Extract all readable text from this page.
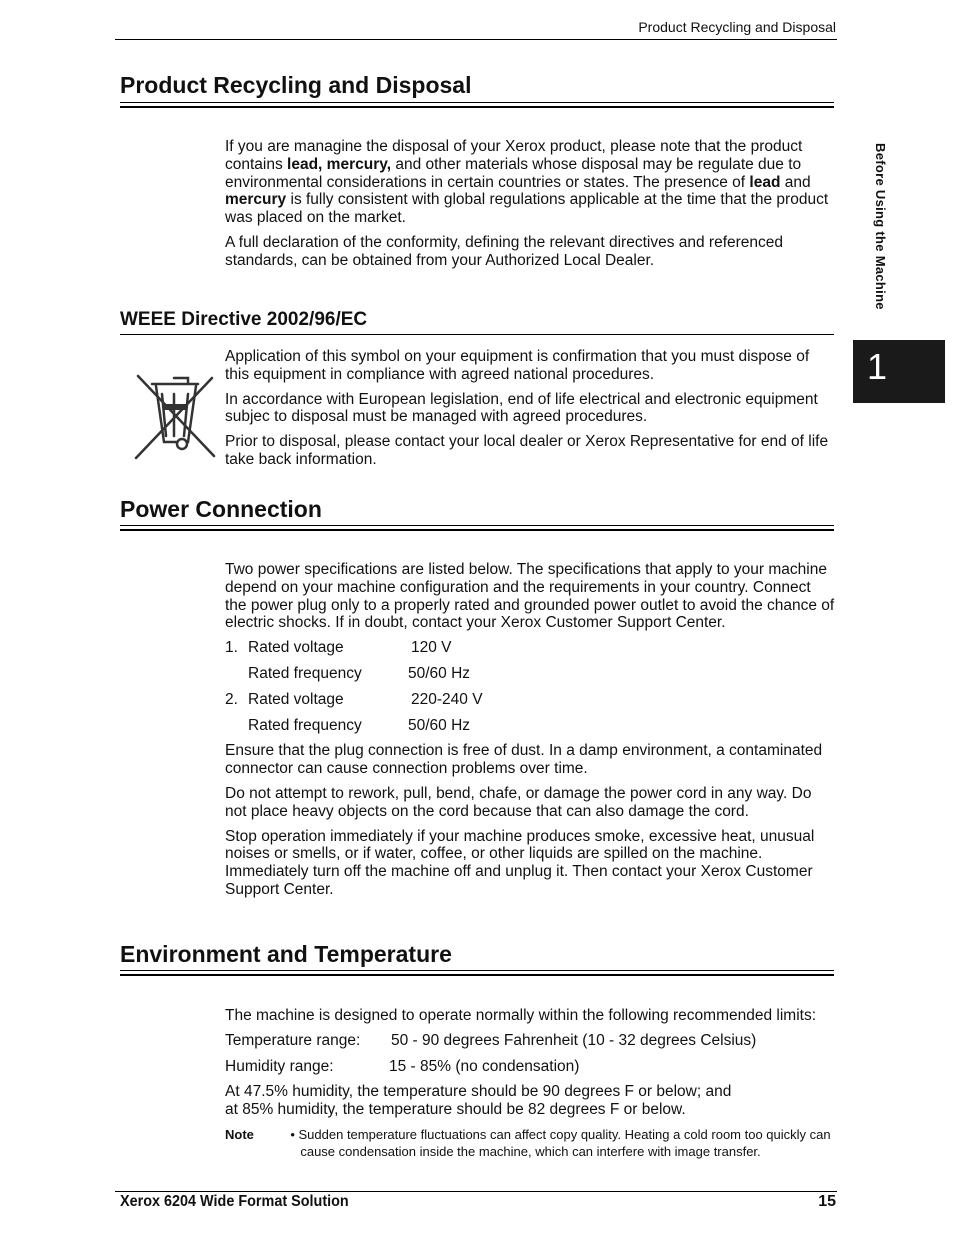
Product Recycling and Disposal
Before Using the Machine
1
Product Recycling and Disposal

If you are managine the disposal of your Xerox product, please note that the product contains lead, mercury, and other materials whose disposal may be regulate due to environmental considerations in certain countries or states. The presence of lead and mercury is fully consistent with global regulations applicable at the time that the product was placed on the market.

A full declaration of the conformity, defining the relevant directives and referenced standards, can be obtained from your Authorized Local Dealer.

WEEE Directive 2002/96/EC

Application of this symbol on your equipment is confirmation that you must dispose of this equipment in compliance with agreed national procedures.

In accordance with European legislation, end of life electrical and electronic equipment subjec to disposal must be managed with agreed procedures.

Prior to disposal, please contact your local dealer or Xerox Representative for end of life take back information.

Power Connection

Two power specifications are listed below. The specifications that apply to your machine depend on your machine configuration and the requirements in your country. Connect the power plug only to a properly rated and grounded power outlet to avoid the chance of electric shocks. If in doubt, contact your Xerox Customer Support Center.

1. Rated voltage	120 V
Rated frequency	50/60 Hz
2. Rated voltage	220-240 V
Rated frequency	50/60 Hz

Ensure that the plug connection is free of dust. In a damp environment, a contaminated connector can cause connection problems over time.

Do not attempt to rework, pull, bend, chafe, or damage the power cord in any way. Do not place heavy objects on the cord because that can also damage the cord.

Stop operation immediately if your machine produces smoke, excessive heat, unusual noises or smells, or if water, coffee, or other liquids are spilled on the machine. Immediately turn off the machine off and unplug it. Then contact your Xerox Customer Support Center.

Environment and Temperature

The machine is designed to operate normally within the following recommended limits:

Temperature range:	50 - 90 degrees Fahrenheit (10 - 32 degrees Celsius)
Humidity range:	15 - 85% (no condensation)

At 47.5% humidity, the temperature should be 90 degrees F or below; and
at 85% humidity, the temperature should be 82 degrees F or below.

Note	• Sudden temperature fluctuations can affect copy quality. Heating a cold room too quickly can cause condensation inside the machine, which can interfere with image transfer.
Xerox 6204 Wide Format Solution	15
